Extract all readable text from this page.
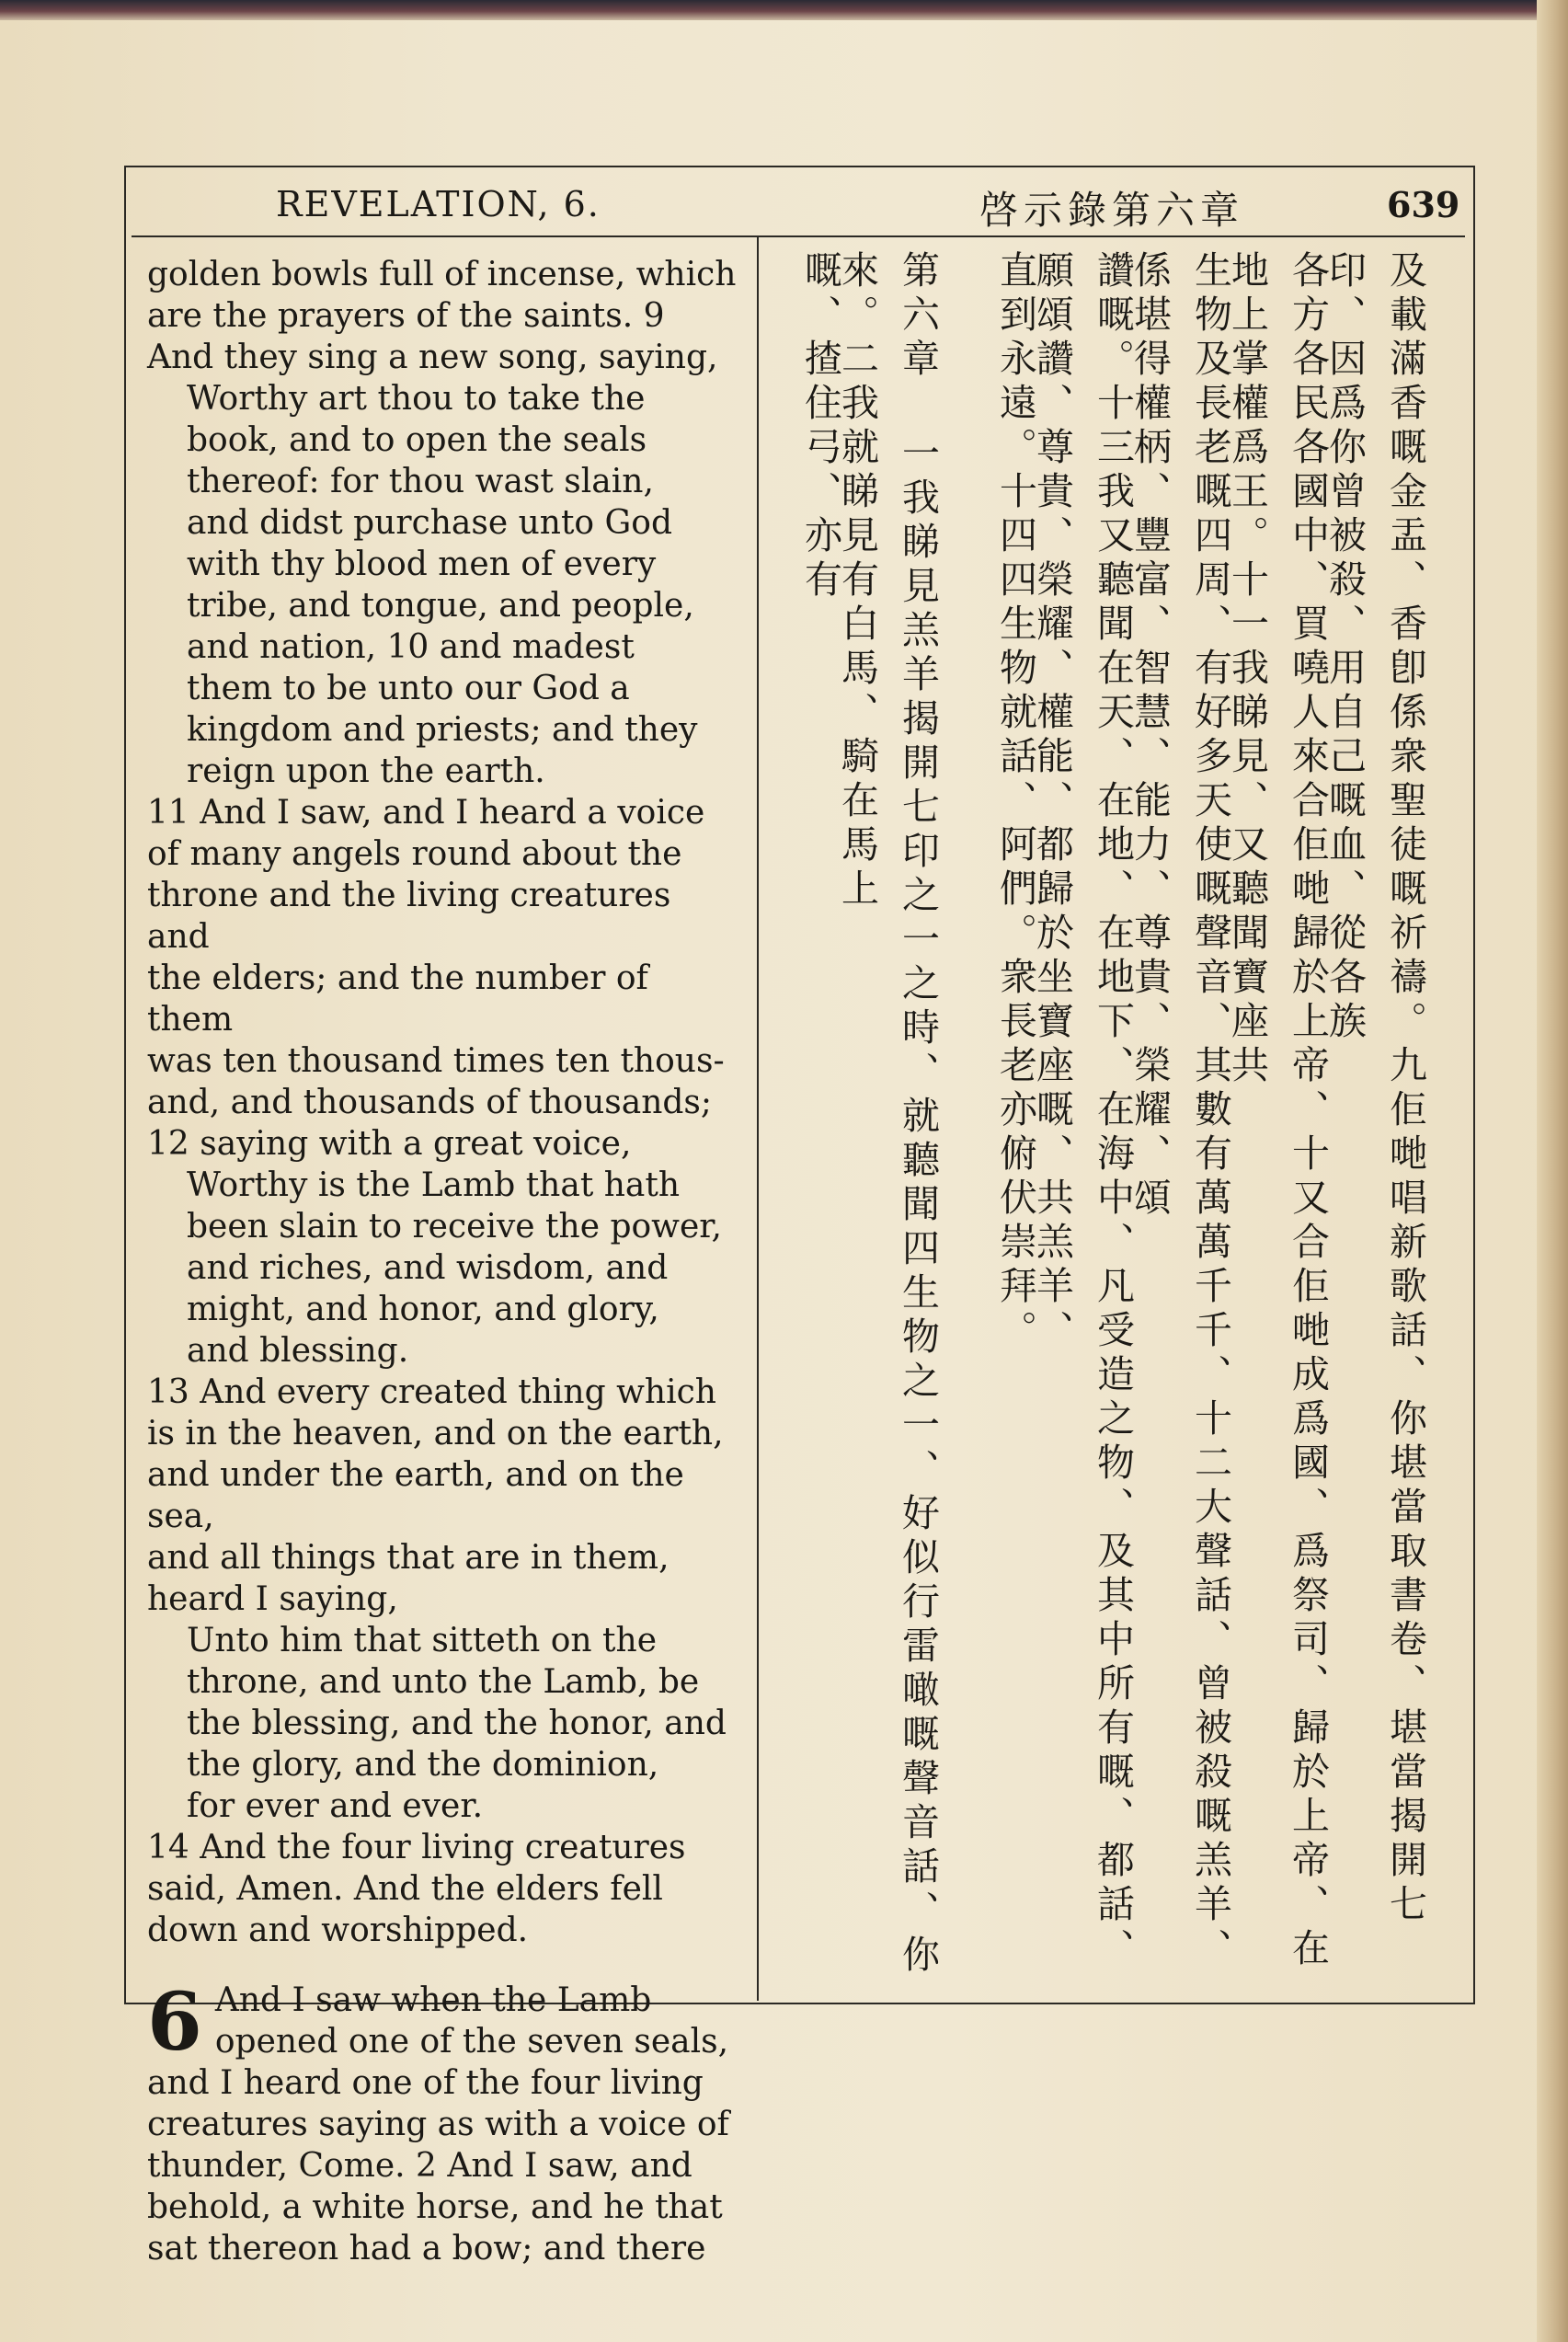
REVELATION, 6.	啓示錄第六章	639

golden bowls full of incense, which

are the prayers of the saints. 9

And they sing a new song, saying,

Worthy art thou to take the

book, and to open the seals

thereof: for thou wast slain,

and didst purchase unto God

with thy blood men of every

tribe, and tongue, and people,

and nation, 10 and madest

them to be unto our God a

kingdom and priests; and they

reign upon the earth.

11 And I saw, and I heard a voice

of many angels round about the

throne and the living creatures and

the elders; and the number of them

was ten thousand times ten thous-

and, and thousands of thousands;

12 saying with a great voice,

Worthy is the Lamb that hath

been slain to receive the power,

and riches, and wisdom, and

might, and honor, and glory,

and blessing.

13 And every created thing which

is in the heaven, and on the earth,

and under the earth, and on the sea,

and all things that are in them,

heard I saying,

Unto him that sitteth on the

throne, and unto the Lamb, be

the blessing, and the honor, and

the glory, and the dominion,

for ever and ever.

14 And the four living creatures

said, Amen. And the elders fell

down and worshipped.

6 And I saw when the Lamb

opened one of the seven seals,

and I heard one of the four living

creatures saying as with a voice of

thunder, Come. 2 And I saw, and

behold, a white horse, and he that

sat thereon had a bow; and there

及載滿香嘅金盂、香卽係衆聖徒嘅祈禱。九佢哋唱新歌話、你堪當取書卷、堪當揭開七印、因爲你曾被殺、用自己嘅血、從各族
各方各民各國中、買嘵人來合佢哋歸於上帝、十又合佢哋成爲國、爲祭司、歸於上帝、在地上掌權爲王。十一我睇見、又聽聞寶座共
生物及長老嘅四周、有好多天使嘅聲音、其數有萬萬千千、十二大聲話、曾被殺嘅羔羊、係堪得權柄、豐富、智慧、能力、尊貴、榮耀、頌
讚嘅。十三我又聽聞在天、在地、在地下、在海中、凡受造之物、及其中所有嘅、都話、願頌讚、尊貴、榮耀、權能、都歸於坐寶座嘅、共羔羊、
直到永遠。十四四生物就話、阿們。衆長老亦俯伏崇拜。
第六章 一我睇見羔羊揭開七印之一之時、就聽聞四生物之一、好似行雷噉嘅聲音話、你來。二我就睇見有白馬、騎在馬上
嘅、揸住弓、亦有
